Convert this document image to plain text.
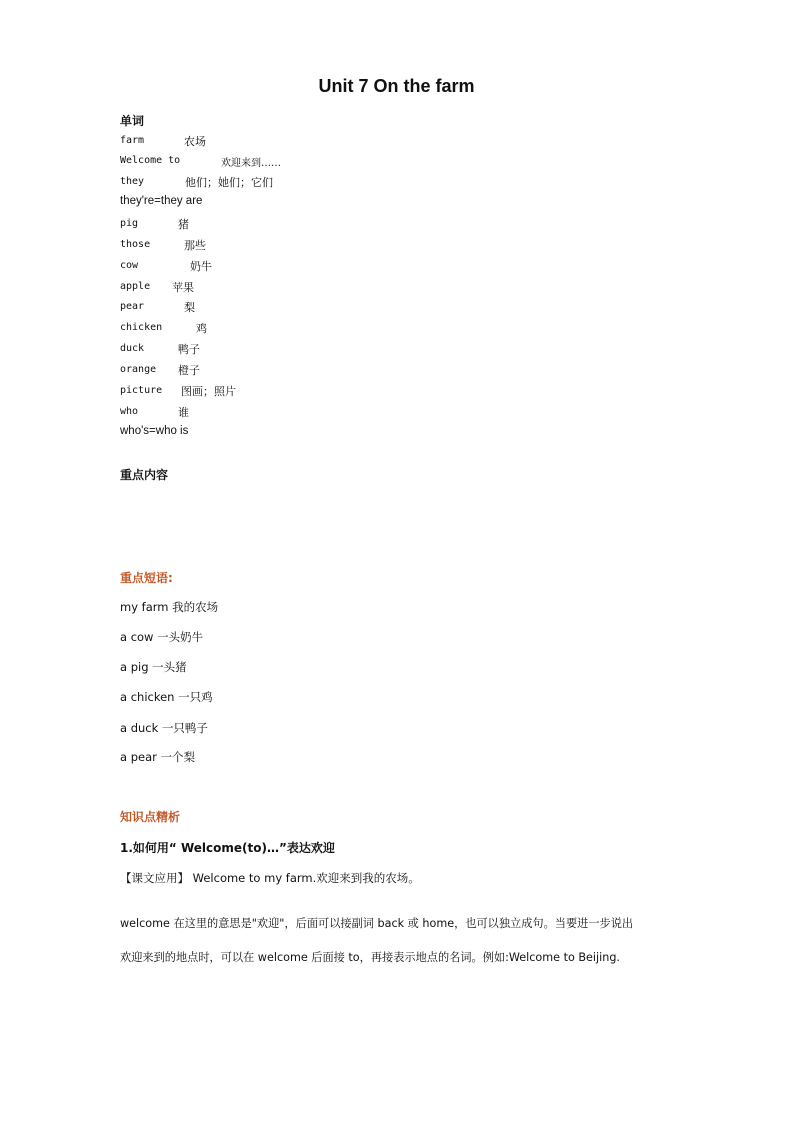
Unit 7 On the farm
单词
farm	农场
Welcome to	欢迎来到……
they	他们；她们；它们
they're=they are
pig	猪
those	那些
cow	奶牛
apple 苹果
pear	梨
chicken	鸡
duck	鸭子
orange 橙子
picture 图画；照片
who	谁
who's=who is
重点内容
重点短语:
my farm 我的农场
a cow 一头奶牛
a pig 一头猪
a chicken 一只鸡
a duck 一只鸭子
a pear 一个梨
知识点精析
1.如何用“ Welcome(to)…”表达欢迎
【课文应用】 Welcome to my farm.欢迎来到我的农场。
welcome 在这里的意思是"欢迎"，后面可以接副词 back 或 home，也可以独立成句。当要进一步说出
欢迎来到的地点时，可以在 welcome 后面接 to，再接表示地点的名词。例如:Welcome to Beijing.
